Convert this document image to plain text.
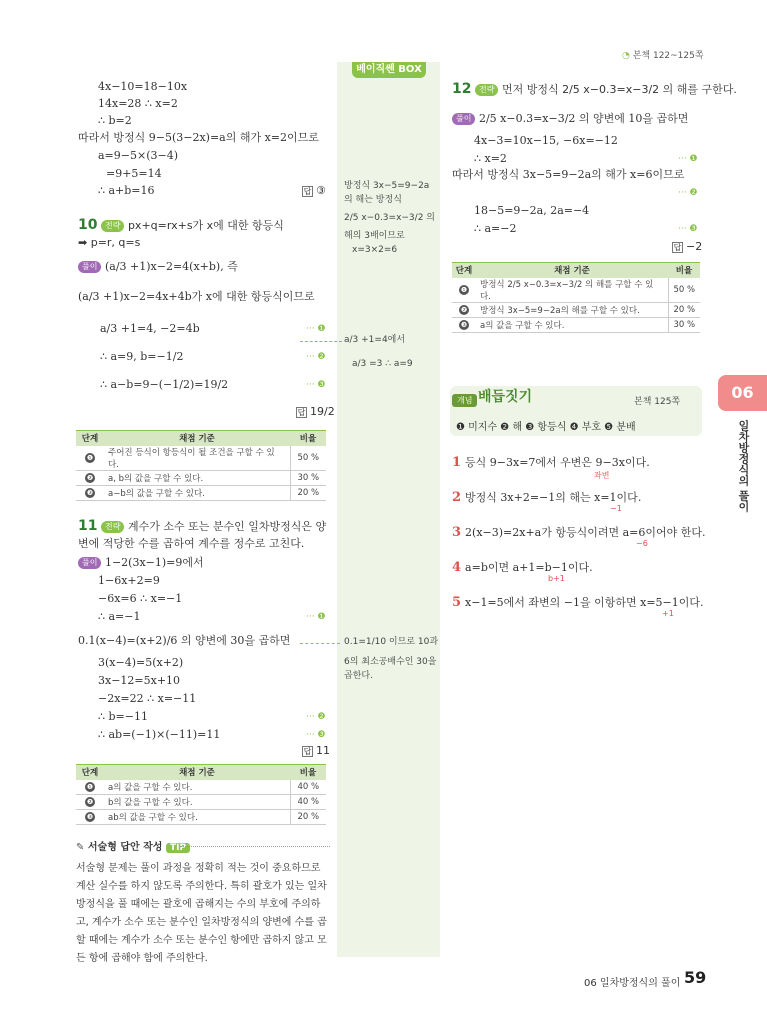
◔ 본책 122~125쪽
베이직쎈 BOX
방정식 3x−5=9−2a
의 해는 방정식
2/5 x−0.3=x−3/2 의
해의 3배이므로
x=3×2=6
a/3 +1=4에서
a/3 =3 ∴ a=9
0.1=1/10 이므로 10과
6의 최소공배수인 30을
곱한다.
4x−10=18−10x
14x=28 ∴ x=2
∴ b=2
따라서 방정식 9−5(3−2x)=a의 해가 x=2이므로
a=9−5×(3−4)
=9+5=14
∴ a+b=16	답 ③
10 전략 px+q=rx+s가 x에 대한 항등식
➡ p=r, q=s
풀이 (a/3 +1)x−2=4(x+b), 즉
(a/3 +1)x−2=4x+4b가 x에 대한 항등식이므로
a/3 +1=4, −2=4b	··· ❶
∴ a=9, b=−1/2	··· ❷
∴ a−b=9−(−1/2)=19/2	··· ❸
답 19/2
단계	채점 기준	비율
❶	주어진 등식이 항등식이 될 조건을 구할 수 있다.	50 %
❷	a, b의 값을 구할 수 있다.	30 %
❸	a−b의 값을 구할 수 있다.	20 %
11 전략 계수가 소수 또는 분수인 일차방정식은 양변에 적당한 수를 곱하여 계수를 정수로 고친다.
풀이 1−2(3x−1)=9에서
1−6x+2=9
−6x=6 ∴ x=−1
∴ a=−1	··· ❶
0.1(x−4)=(x+2)/6 의 양변에 30을 곱하면
3(x−4)=5(x+2)
3x−12=5x+10
−2x=22 ∴ x=−11
∴ b=−11	··· ❷
∴ ab=(−1)×(−11)=11	··· ❸
답 11
단계	채점 기준	비율
❶	a의 값을 구할 수 있다.	40 %
❷	b의 값을 구할 수 있다.	40 %
❸	ab의 값을 구할 수 있다.	20 %
✎ 서술형 답안 작성 TIP
서술형 문제는 풀이 과정을 정확히 적는 것이 중요하므로 계산 실수를 하지 않도록 주의한다. 특히 괄호가 있는 일차방정식을 풀 때에는 괄호에 곱해지는 수의 부호에 주의하고, 계수가 소수 또는 분수인 일차방정식의 양변에 수를 곱할 때에는 계수가 소수 또는 분수인 항에만 곱하지 않고 모든 항에 곱해야 함에 주의한다.
12 전략 먼저 방정식 2/5 x−0.3=x−3/2 의 해를 구한다.
풀이 2/5 x−0.3=x−3/2 의 양변에 10을 곱하면
4x−3=10x−15, −6x=−12
∴ x=2	··· ❶
따라서 방정식 3x−5=9−2a의 해가 x=6이므로
··· ❷
18−5=9−2a, 2a=−4
∴ a=−2	··· ❸
답 −2
단계	채점 기준	비율
❶	방정식 2/5 x−0.3=x−3/2 의 해를 구할 수 있다.	50 %
❷	방정식 3x−5=9−2a의 해를 구할 수 있다.	20 %
❸	a의 값을 구할 수 있다.	30 %
개념 배듭짓기	본책 125쪽
❶ 미지수 ❷ 해 ❸ 항등식 ❹ 부호 ❺ 분배
1 등식 9−3x=7에서 우변은 9−3x이다.
좌변
2 방정식 3x+2=−1의 해는 x=1이다.
−1
3 2(x−3)=2x+a가 항등식이려면 a=6이어야 한다.
−6
4 a=b이면 a+1=b−1이다.
b+1
5 x−1=5에서 좌변의 −1을 이항하면 x=5−1이다.
+1
06
일차방정식의 풀이
06 일차방정식의 풀이 59
